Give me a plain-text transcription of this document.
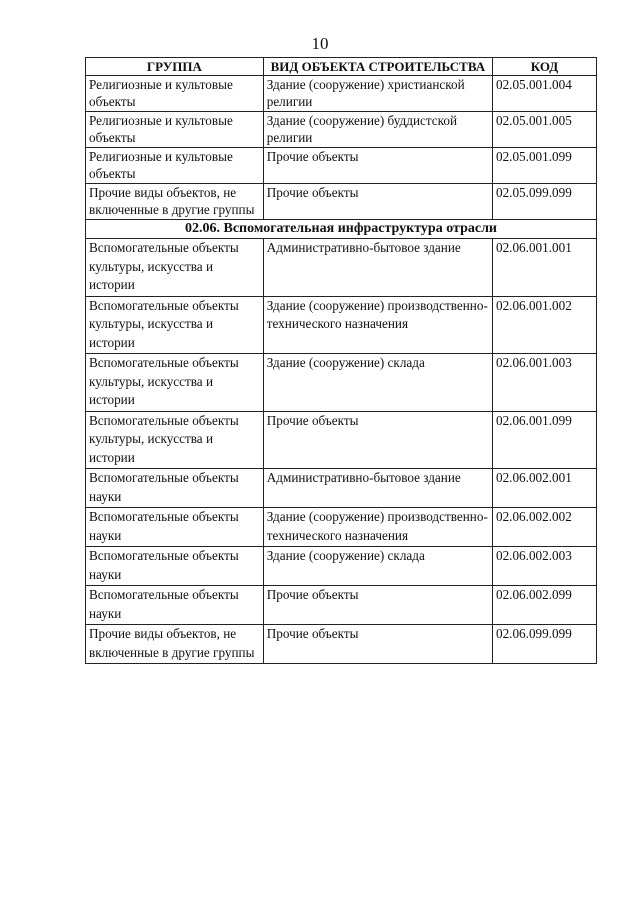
10
ГРУППА	ВИД ОБЪЕКТА СТРОИТЕЛЬСТВА	КОД
Религиозные и культовые объекты	Здание (сооружение) христианской религии	02.05.001.004
Религиозные и культовые объекты	Здание (сооружение) буддистской религии	02.05.001.005
Религиозные и культовые объекты	Прочие объекты	02.05.001.099
Прочие виды объектов, не включенные в другие группы	Прочие объекты	02.05.099.099
02.06. Вспомогательная инфраструктура отрасли		
Вспомогательные объекты культуры, искусства и истории	Административно-бытовое здание	02.06.001.001
Вспомогательные объекты культуры, искусства и истории	Здание (сооружение) производственно-технического назначения	02.06.001.002
Вспомогательные объекты культуры, искусства и истории	Здание (сооружение) склада	02.06.001.003
Вспомогательные объекты культуры, искусства и истории	Прочие объекты	02.06.001.099
Вспомогательные объекты науки	Административно-бытовое здание	02.06.002.001
Вспомогательные объекты науки	Здание (сооружение) производственно-технического назначения	02.06.002.002
Вспомогательные объекты науки	Здание (сооружение) склада	02.06.002.003
Вспомогательные объекты науки	Прочие объекты	02.06.002.099
Прочие виды объектов, не включенные в другие группы	Прочие объекты	02.06.099.099
